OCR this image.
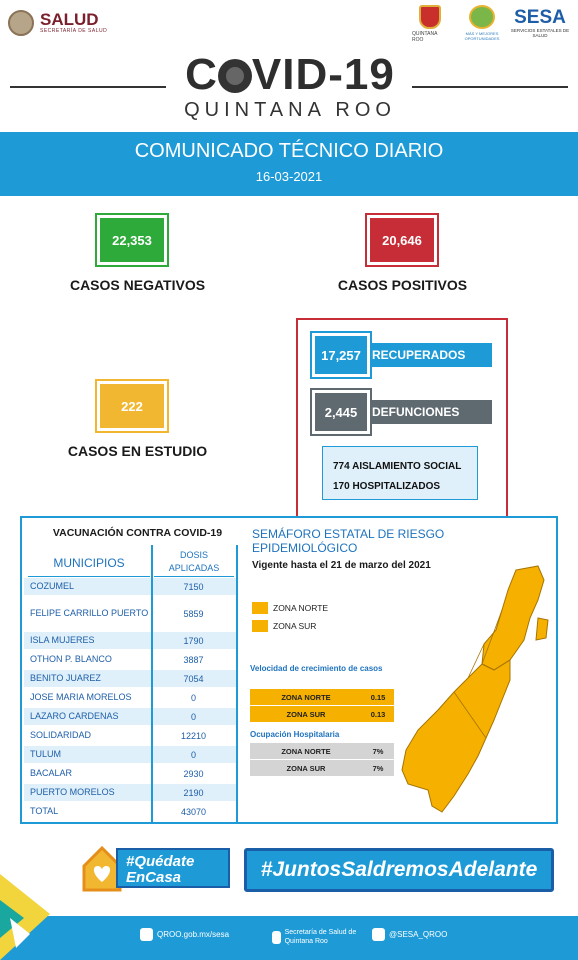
SALUD
SECRETARÍA DE SALUD	QUINTANA ROO
MÁS Y MEJORES OPORTUNIDADES
SESA
SERVICIOS ESTATALES DE SALUD
C VID-19
QUINTANA ROO
COMUNICADO TÉCNICO DIARIO
16-03-2021
22,353
CASOS NEGATIVOS
20,646
CASOS POSITIVOS
222
CASOS EN ESTUDIO
RECUPERADOS
17,257
DEFUNCIONES
2,445
774 AISLAMIENTO SOCIAL
170 HOSPITALIZADOS
VACUNACIÓN CONTRA COVID-19
MUNICIPIOS
DOSIS APLICADAS
COZUMEL	7150
FELIPE CARRILLO PUERTO	5859
ISLA MUJERES	1790
OTHON P. BLANCO	3887
BENITO JUAREZ	7054
JOSE MARIA MORELOS	0
LAZARO CARDENAS	0
SOLIDARIDAD	12210
TULUM	0
BACALAR	2930
PUERTO MORELOS	2190
TOTAL	43070
SEMÁFORO ESTATAL DE RIESGO EPIDEMIOLÓGICO
Vigente hasta el 21 de marzo del 2021
ZONA NORTE
ZONA SUR
Velocidad de crecimiento de casos
ZONA NORTE	0.15
ZONA SUR	0.13
Ocupación Hospitalaria
ZONA NORTE	7%
ZONA SUR	7%
#Quédate EnCasa	#JuntosSaldremosAdelante
QROO.gob.mx/sesa	Secretaría de Salud de Quintana Roo
@SESA_QROO
